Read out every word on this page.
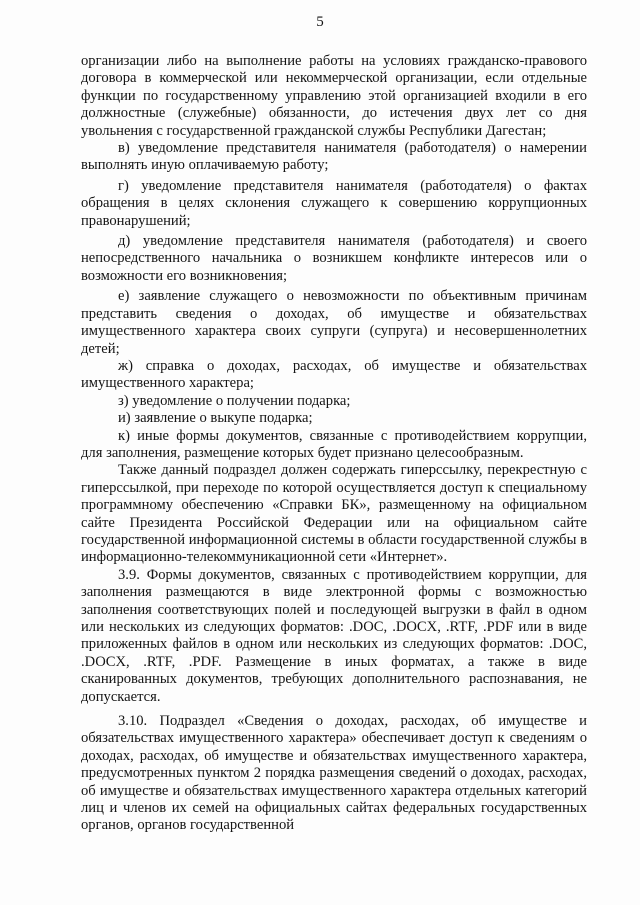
5

организации либо на выполнение работы на условиях гражданско-правового договора в коммерческой или некоммерческой организации, если отдельные функции по государственному управлению этой организацией входили в его должностные (служебные) обязанности, до истечения двух лет со дня увольнения с государственной гражданской службы Республики Дагестан;

в) уведомление представителя нанимателя (работодателя) о намерении выполнять иную оплачиваемую работу;

г) уведомление представителя нанимателя (работодателя) о фактах обращения в целях склонения служащего к совершению коррупционных правонарушений;

д) уведомление представителя нанимателя (работодателя) и своего непосредственного начальника о возникшем конфликте интересов или о возможности его возникновения;

е) заявление служащего о невозможности по объективным причинам представить сведения о доходах, об имуществе и обязательствах имущественного характера своих супруги (супруга) и несовершеннолетних детей;

ж) справка о доходах, расходах, об имуществе и обязательствах имущественного характера;

з) уведомление о получении подарка;

и) заявление о выкупе подарка;

к) иные формы документов, связанные с противодействием коррупции, для заполнения, размещение которых будет признано целесообразным.

Также данный подраздел должен содержать гиперссылку, перекрестную с гиперссылкой, при переходе по которой осуществляется доступ к специальному программному обеспечению «Справки БК», размещенному на официальном сайте Президента Российской Федерации или на официальном сайте государственной информационной системы в области государственной службы в информационно-телекоммуникационной сети «Интернет».

3.9. Формы документов, связанных с противодействием коррупции, для заполнения размещаются в виде электронной формы с возможностью заполнения соответствующих полей и последующей выгрузки в файл в одном или нескольких из следующих форматов: .DOC, .DOCX, .RTF, .PDF или в виде приложенных файлов в одном или нескольких из следующих форматов: .DOC, .DOCX, .RTF, .PDF. Размещение в иных форматах, а также в виде сканированных документов, требующих дополнительного распознавания, не допускается.

3.10. Подраздел «Сведения о доходах, расходах, об имуществе и обязательствах имущественного характера» обеспечивает доступ к сведениям о доходах, расходах, об имуществе и обязательствах имущественного характера, предусмотренных пунктом 2 порядка размещения сведений о доходах, расходах, об имуществе и обязательствах имущественного характера отдельных категорий лиц и членов их семей на официальных сайтах федеральных государственных органов, органов государственной
